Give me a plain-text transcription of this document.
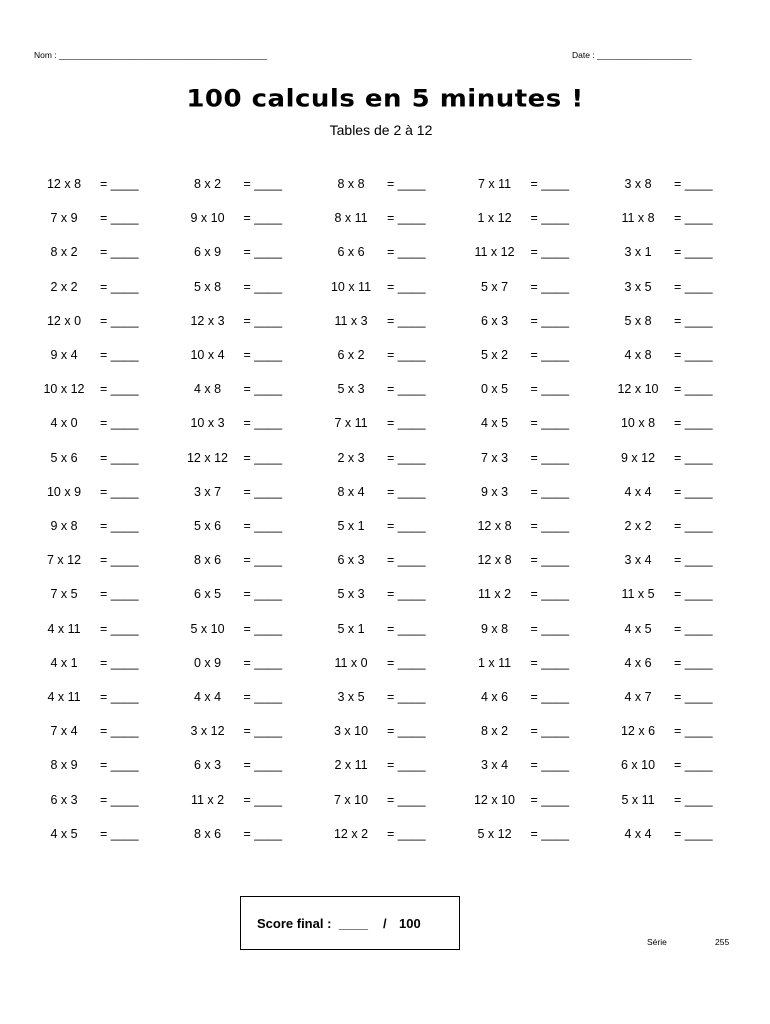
Nom : ____________________________________________	Date : ____________________
100 calculs en 5 minutes !
Tables de 2 à 12
12 x 8	= ____
7 x 9	= ____
8 x 2	= ____
2 x 2	= ____
12 x 0	= ____
9 x 4	= ____
10 x 12	= ____
4 x 0	= ____
5 x 6	= ____
10 x 9	= ____
9 x 8	= ____
7 x 12	= ____
7 x 5	= ____
4 x 11	= ____
4 x 1	= ____
4 x 11	= ____
7 x 4	= ____
8 x 9	= ____
6 x 3	= ____
4 x 5	= ____
8 x 2	= ____
9 x 10	= ____
6 x 9	= ____
5 x 8	= ____
12 x 3	= ____
10 x 4	= ____
4 x 8	= ____
10 x 3	= ____
12 x 12	= ____
3 x 7	= ____
5 x 6	= ____
8 x 6	= ____
6 x 5	= ____
5 x 10	= ____
0 x 9	= ____
4 x 4	= ____
3 x 12	= ____
6 x 3	= ____
11 x 2	= ____
8 x 6	= ____
8 x 8	= ____
8 x 11	= ____
6 x 6	= ____
10 x 11	= ____
11 x 3	= ____
6 x 2	= ____
5 x 3	= ____
7 x 11	= ____
2 x 3	= ____
8 x 4	= ____
5 x 1	= ____
6 x 3	= ____
5 x 3	= ____
5 x 1	= ____
11 x 0	= ____
3 x 5	= ____
3 x 10	= ____
2 x 11	= ____
7 x 10	= ____
12 x 2	= ____
7 x 11	= ____
1 x 12	= ____
11 x 12	= ____
5 x 7	= ____
6 x 3	= ____
5 x 2	= ____
0 x 5	= ____
4 x 5	= ____
7 x 3	= ____
9 x 3	= ____
12 x 8	= ____
12 x 8	= ____
11 x 2	= ____
9 x 8	= ____
1 x 11	= ____
4 x 6	= ____
8 x 2	= ____
3 x 4	= ____
12 x 10	= ____
5 x 12	= ____
3 x 8	= ____
11 x 8	= ____
3 x 1	= ____
3 x 5	= ____
5 x 8	= ____
4 x 8	= ____
12 x 10	= ____
10 x 8	= ____
9 x 12	= ____
4 x 4	= ____
2 x 2	= ____
3 x 4	= ____
11 x 5	= ____
4 x 5	= ____
4 x 6	= ____
4 x 7	= ____
12 x 6	= ____
6 x 10	= ____
5 x 11	= ____
4 x 4	= ____
Score final : ____ / 100
Série	255
